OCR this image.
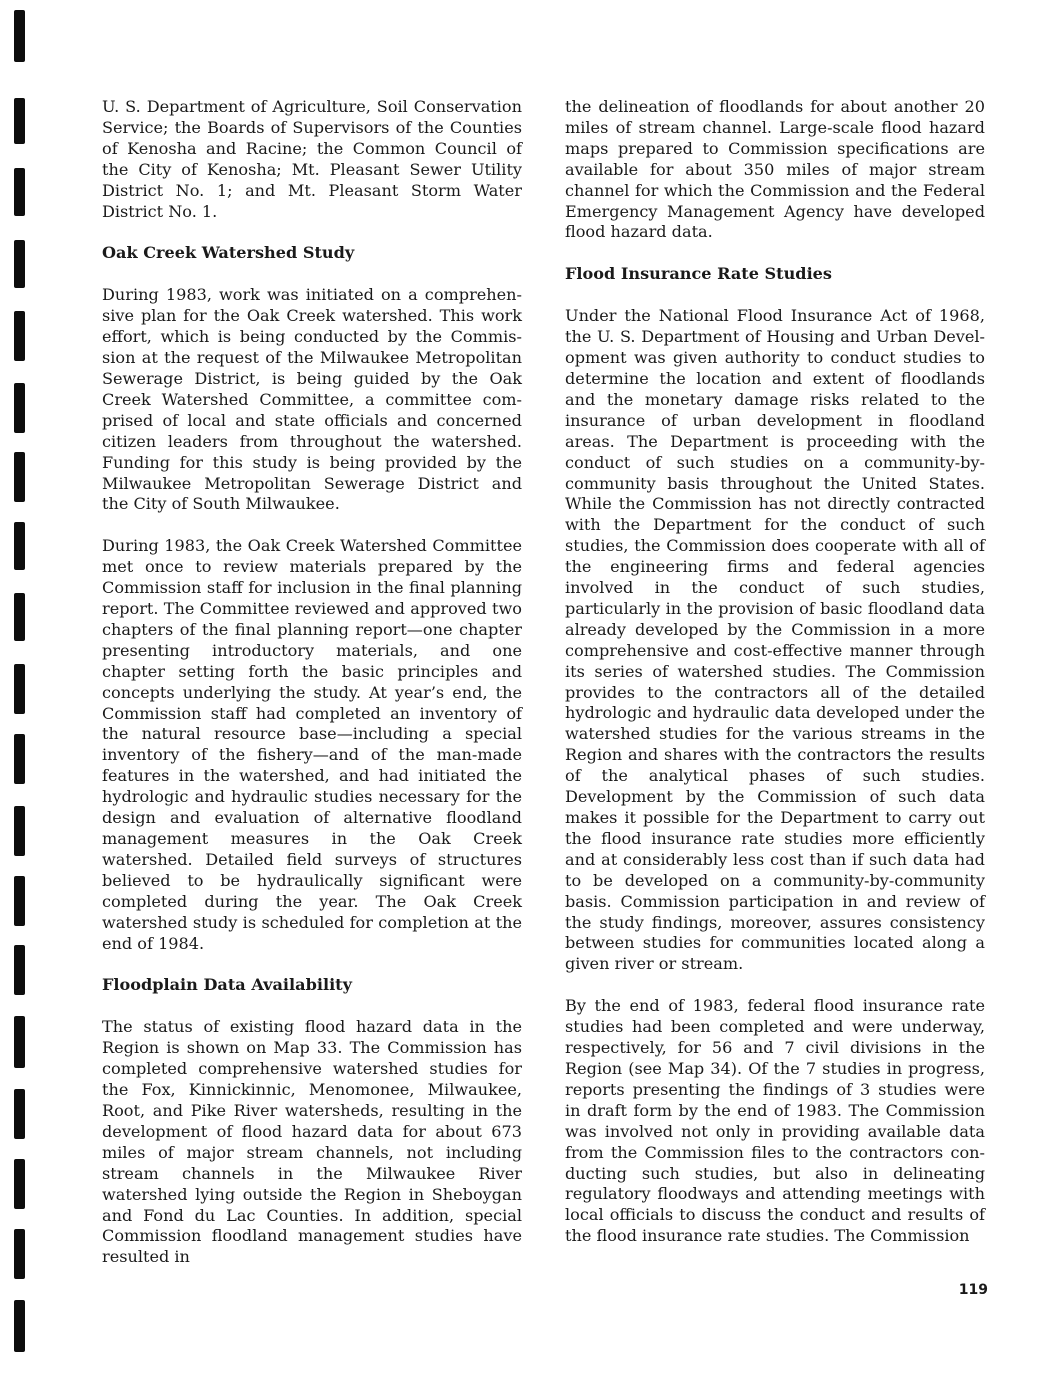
U. S. Department of Agriculture, Soil Conservation Service; the Boards of Supervisors of the Counties of Kenosha and Racine; the Common Council of the City of Kenosha; Mt. Pleasant Sewer Utility District No. 1; and Mt. Pleasant Storm Water District No. 1.

Oak Creek Watershed Study

During 1983, work was initiated on a comprehensive plan for the Oak Creek watershed. This work effort, which is being conducted by the Commission at the request of the Milwaukee Metropolitan Sewerage District, is being guided by the Oak Creek Watershed Committee, a committee comprised of local and state officials and concerned citizen leaders from throughout the watershed. Funding for this study is being provided by the Milwaukee Metropolitan Sewerage District and the City of South Milwaukee.

During 1983, the Oak Creek Watershed Committee met once to review materials prepared by the Commission staff for inclusion in the final planning report. The Committee reviewed and approved two chapters of the final planning report—one chapter presenting introductory materials, and one chapter setting forth the basic principles and concepts underlying the study. At year’s end, the Commission staff had completed an inventory of the natural resource base—including a special inventory of the fishery—and of the man-made features in the watershed, and had initiated the hydrologic and hydraulic studies necessary for the design and evaluation of alternative floodland management measures in the Oak Creek watershed. Detailed field surveys of structures believed to be hydraulically significant were completed during the year. The Oak Creek watershed study is scheduled for completion at the end of 1984.

Floodplain Data Availability

The status of existing flood hazard data in the Region is shown on Map 33. The Commission has completed comprehensive watershed studies for the Fox, Kinnickinnic, Menomonee, Milwaukee, Root, and Pike River watersheds, resulting in the development of flood hazard data for about 673 miles of major stream channels, not including stream channels in the Milwaukee River watershed lying outside the Region in Sheboygan and Fond du Lac Counties. In addition, special Commission floodland management studies have resulted in

the delineation of floodlands for about another 20 miles of stream channel. Large-scale flood hazard maps prepared to Commission specifications are available for about 350 miles of major stream channel for which the Commission and the Federal Emergency Management Agency have developed flood hazard data.

Flood Insurance Rate Studies

Under the National Flood Insurance Act of 1968, the U. S. Department of Housing and Urban Development was given authority to conduct studies to determine the location and extent of floodlands and the monetary damage risks related to the insurance of urban development in floodland areas. The Department is proceeding with the conduct of such studies on a community-by-community basis throughout the United States. While the Commission has not directly contracted with the Department for the conduct of such studies, the Commission does cooperate with all of the engineering firms and federal agencies involved in the conduct of such studies, particularly in the provision of basic floodland data already developed by the Commission in a more comprehensive and cost-effective manner through its series of watershed studies. The Commission provides to the contractors all of the detailed hydrologic and hydraulic data developed under the watershed studies for the various streams in the Region and shares with the contractors the results of the analytical phases of such studies. Development by the Commission of such data makes it possible for the Department to carry out the flood insurance rate studies more efficiently and at considerably less cost than if such data had to be developed on a community-by-community basis. Commission participation in and review of the study findings, moreover, assures consistency between studies for communities located along a given river or stream.

By the end of 1983, federal flood insurance rate studies had been completed and were underway, respectively, for 56 and 7 civil divisions in the Region (see Map 34). Of the 7 studies in progress, reports presenting the findings of 3 studies were in draft form by the end of 1983. The Commission was involved not only in providing available data from the Commission files to the contractors conducting such studies, but also in delineating regulatory floodways and attending meetings with local officials to discuss the conduct and results of the flood insurance rate studies. The Commission

119
